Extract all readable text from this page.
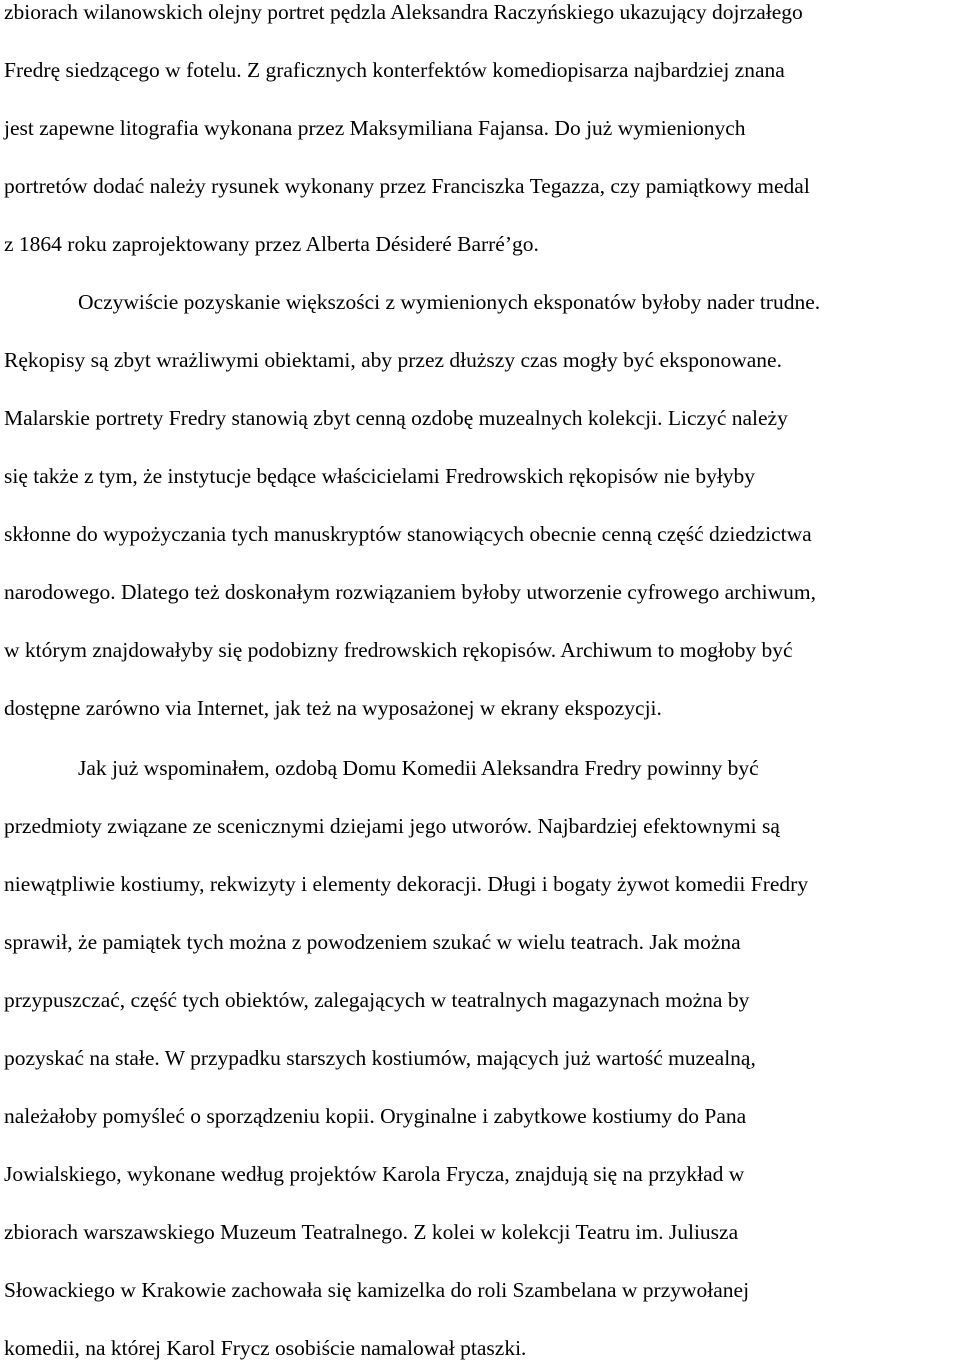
zbiorach wilanowskich olejny portret pędzla Aleksandra Raczyńskiego ukazujący dojrzałego
Fredrę siedzącego w fotelu. Z graficznych konterfektów komediopisarza najbardziej znana
jest zapewne litografia wykonana przez Maksymiliana Fajansa. Do już wymienionych
portretów dodać należy rysunek wykonany przez Franciszka Tegazza, czy pamiątkowy medal
z 1864 roku zaprojektowany przez Alberta Désideré Barré’go.
Oczywiście pozyskanie większości z wymienionych eksponatów byłoby nader trudne.
Rękopisy są zbyt wrażliwymi obiektami, aby przez dłuższy czas mogły być eksponowane.
Malarskie portrety Fredry stanowią zbyt cenną ozdobę muzealnych kolekcji. Liczyć należy
się także z tym, że instytucje będące właścicielami Fredrowskich rękopisów nie byłyby
skłonne do wypożyczania tych manuskryptów stanowiących obecnie cenną część dziedzictwa
narodowego. Dlatego też doskonałym rozwiązaniem byłoby utworzenie cyfrowego archiwum,
w którym znajdowałyby się podobizny fredrowskich rękopisów. Archiwum to mogłoby być
dostępne zarówno via Internet, jak też na wyposażonej w ekrany ekspozycji.
Jak już wspominałem, ozdobą Domu Komedii Aleksandra Fredry powinny być
przedmioty związane ze scenicznymi dziejami jego utworów. Najbardziej efektownymi są
niewątpliwie kostiumy, rekwizyty i elementy dekoracji. Długi i bogaty żywot komedii Fredry
sprawił, że pamiątek tych można z powodzeniem szukać w wielu teatrach. Jak można
przypuszczać, część tych obiektów, zalegających w teatralnych magazynach można by
pozyskać na stałe. W przypadku starszych kostiumów, mających już wartość muzealną,
należałoby pomyśleć o sporządzeniu kopii. Oryginalne i zabytkowe kostiumy do Pana
Jowialskiego, wykonane według projektów Karola Frycza, znajdują się na przykład w
zbiorach warszawskiego Muzeum Teatralnego. Z kolei w kolekcji Teatru im. Juliusza
Słowackiego w Krakowie zachowała się kamizelka do roli Szambelana w przywołanej
komedii, na której Karol Frycz osobiście namalował ptaszki.
